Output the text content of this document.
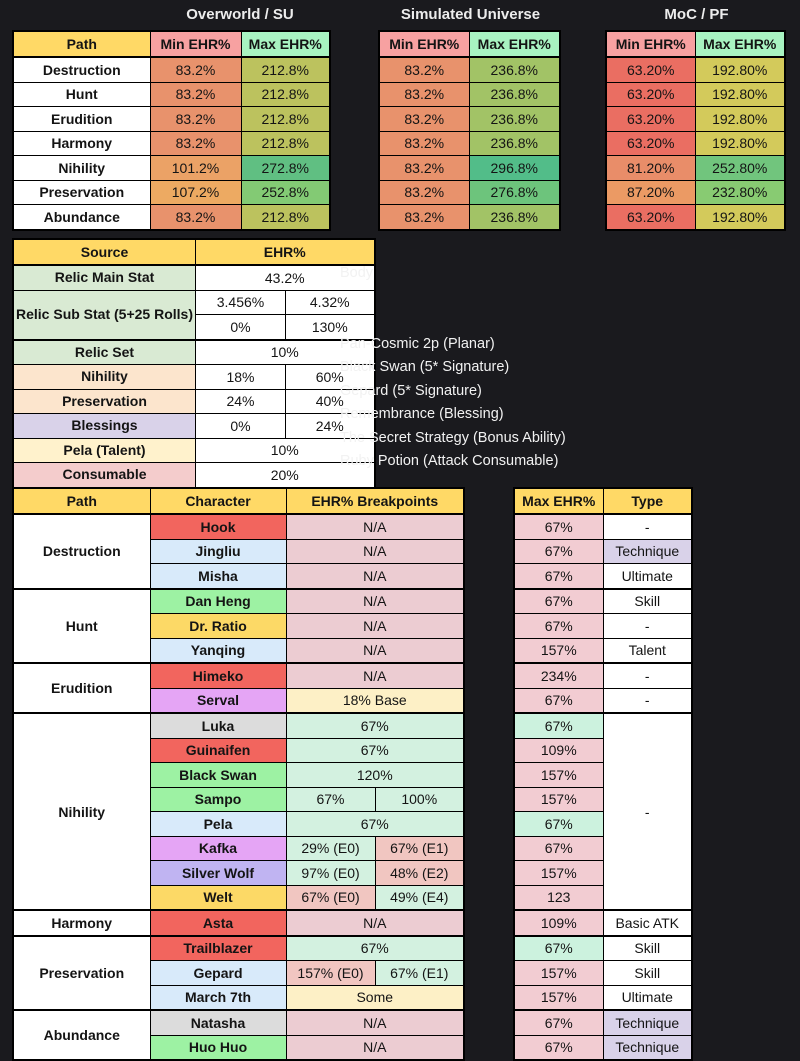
Overworld / SU
Path	Min EHR%	Max EHR%
Destruction	83.2%	212.8%
Hunt	83.2%	212.8%
Erudition	83.2%	212.8%
Harmony	83.2%	212.8%
Nihility	101.2%	272.8%
Preservation	107.2%	252.8%
Abundance	83.2%	212.8%
Simulated Universe
Min EHR%	Max EHR%
83.2%	236.8%
83.2%	236.8%
83.2%	236.8%
83.2%	236.8%
83.2%	296.8%
83.2%	276.8%
83.2%	236.8%
MoC / PF
Min EHR%	Max EHR%
63.20%	192.80%
63.20%	192.80%
63.20%	192.80%
63.20%	192.80%
81.20%	252.80%
87.20%	232.80%
63.20%	192.80%
Source	EHR%	
Relic Main Stat	43.2%	
Relic Sub Stat (5+25 Rolls)	3.456%	4.32%
	0%	130%
Relic Set	10%	
Nihility	18%	60%
Preservation	24%	40%
Blessings	0%	24%
Pela (Talent)	10%	
Consumable	20%	
Body
Pan-Cosmic 2p (Planar)
Black Swan (5* Signature)
Gepard (5* Signature)
Remembrance (Blessing)
The Secret Strategy (Bonus Ability)
Ruby Potion (Attack Consumable)
Path	Character	EHR% Breakpoints	
Destruction	Hook	N/A	
	Jingliu	N/A	
	Misha	N/A	
Hunt	Dan Heng	N/A	
	Dr. Ratio	N/A	
	Yanqing	N/A	
Erudition	Himeko	N/A	
	Serval	18% Base	
Nihility	Luka	67%	
	Guinaifen	67%	
	Black Swan	120%	
	Sampo	67%	100%
	Pela	67%	
	Kafka	29% (E0)	67% (E1)
	Silver Wolf	97% (E0)	48% (E2)
	Welt	67% (E0)	49% (E4)
Harmony	Asta	N/A	
Preservation	Trailblazer	67%	
	Gepard	157% (E0)	67% (E1)
	March 7th	Some	
Abundance	Natasha	N/A	
	Huo Huo	N/A	
Max EHR%	Type
67%	-
67%	Technique
67%	Ultimate
67%	Skill
67%	-
157%	Talent
234%	-
67%	-
67%	-
109%	
157%	
157%	
67%	
67%	
157%	
123	
109%	Basic ATK
67%	Skill
157%	Skill
157%	Ultimate
67%	Technique
67%	Technique
